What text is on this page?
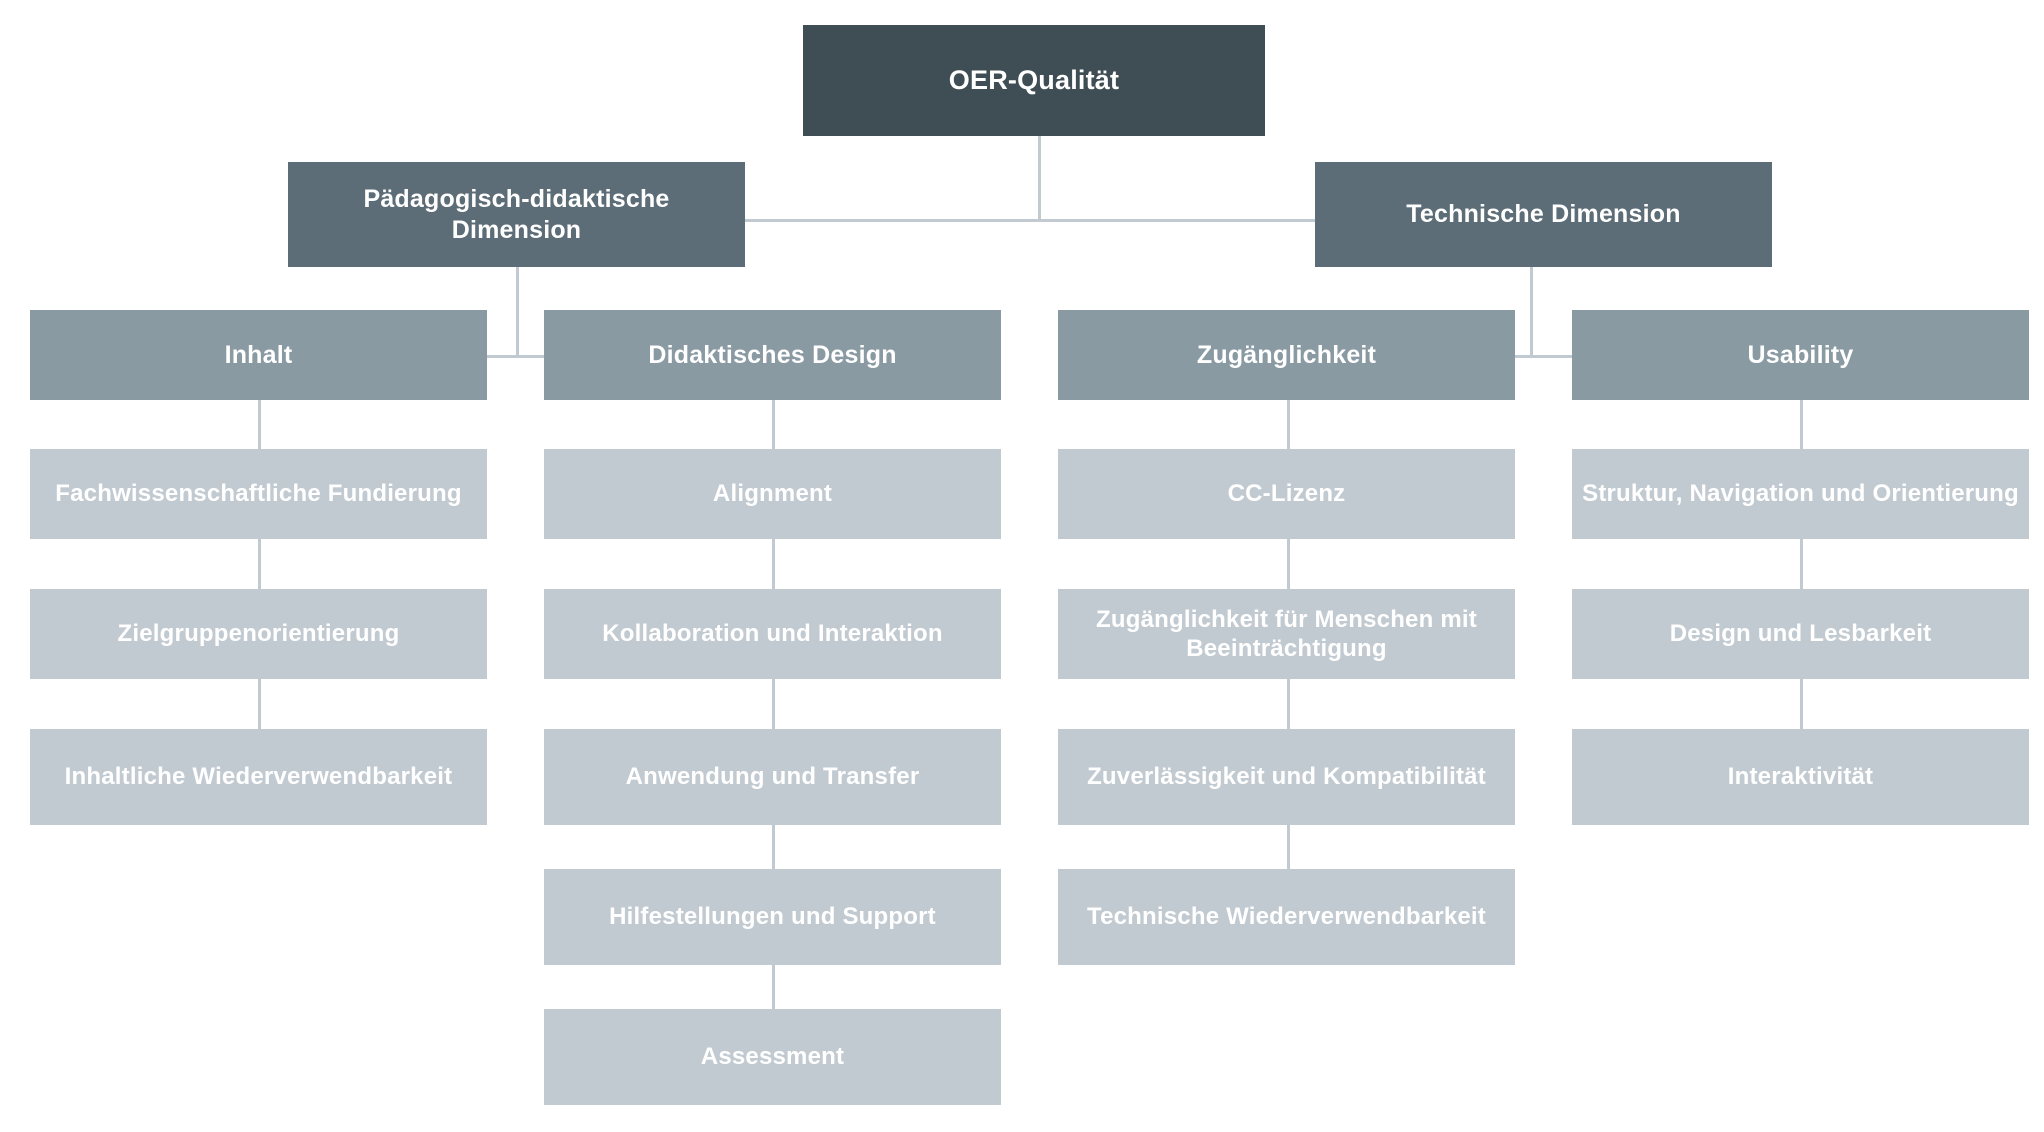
OER-Qualität
Pädagogisch-didaktische Dimension
Technische Dimension
Inhalt	Didaktisches Design	Zugänglichkeit	Usability
Fachwissenschaftliche Fundierung
Zielgruppenorientierung
Inhaltliche Wiederverwendbarkeit
Alignment
Kollaboration und Interaktion
Anwendung und Transfer
Hilfestellungen und Support
Assessment
CC-Lizenz
Zugänglichkeit für Menschen mit Beeinträchtigung
Zuverlässigkeit und Kompatibilität
Technische Wiederverwendbarkeit
Struktur, Navigation und Orientierung
Design und Lesbarkeit
Interaktivität
